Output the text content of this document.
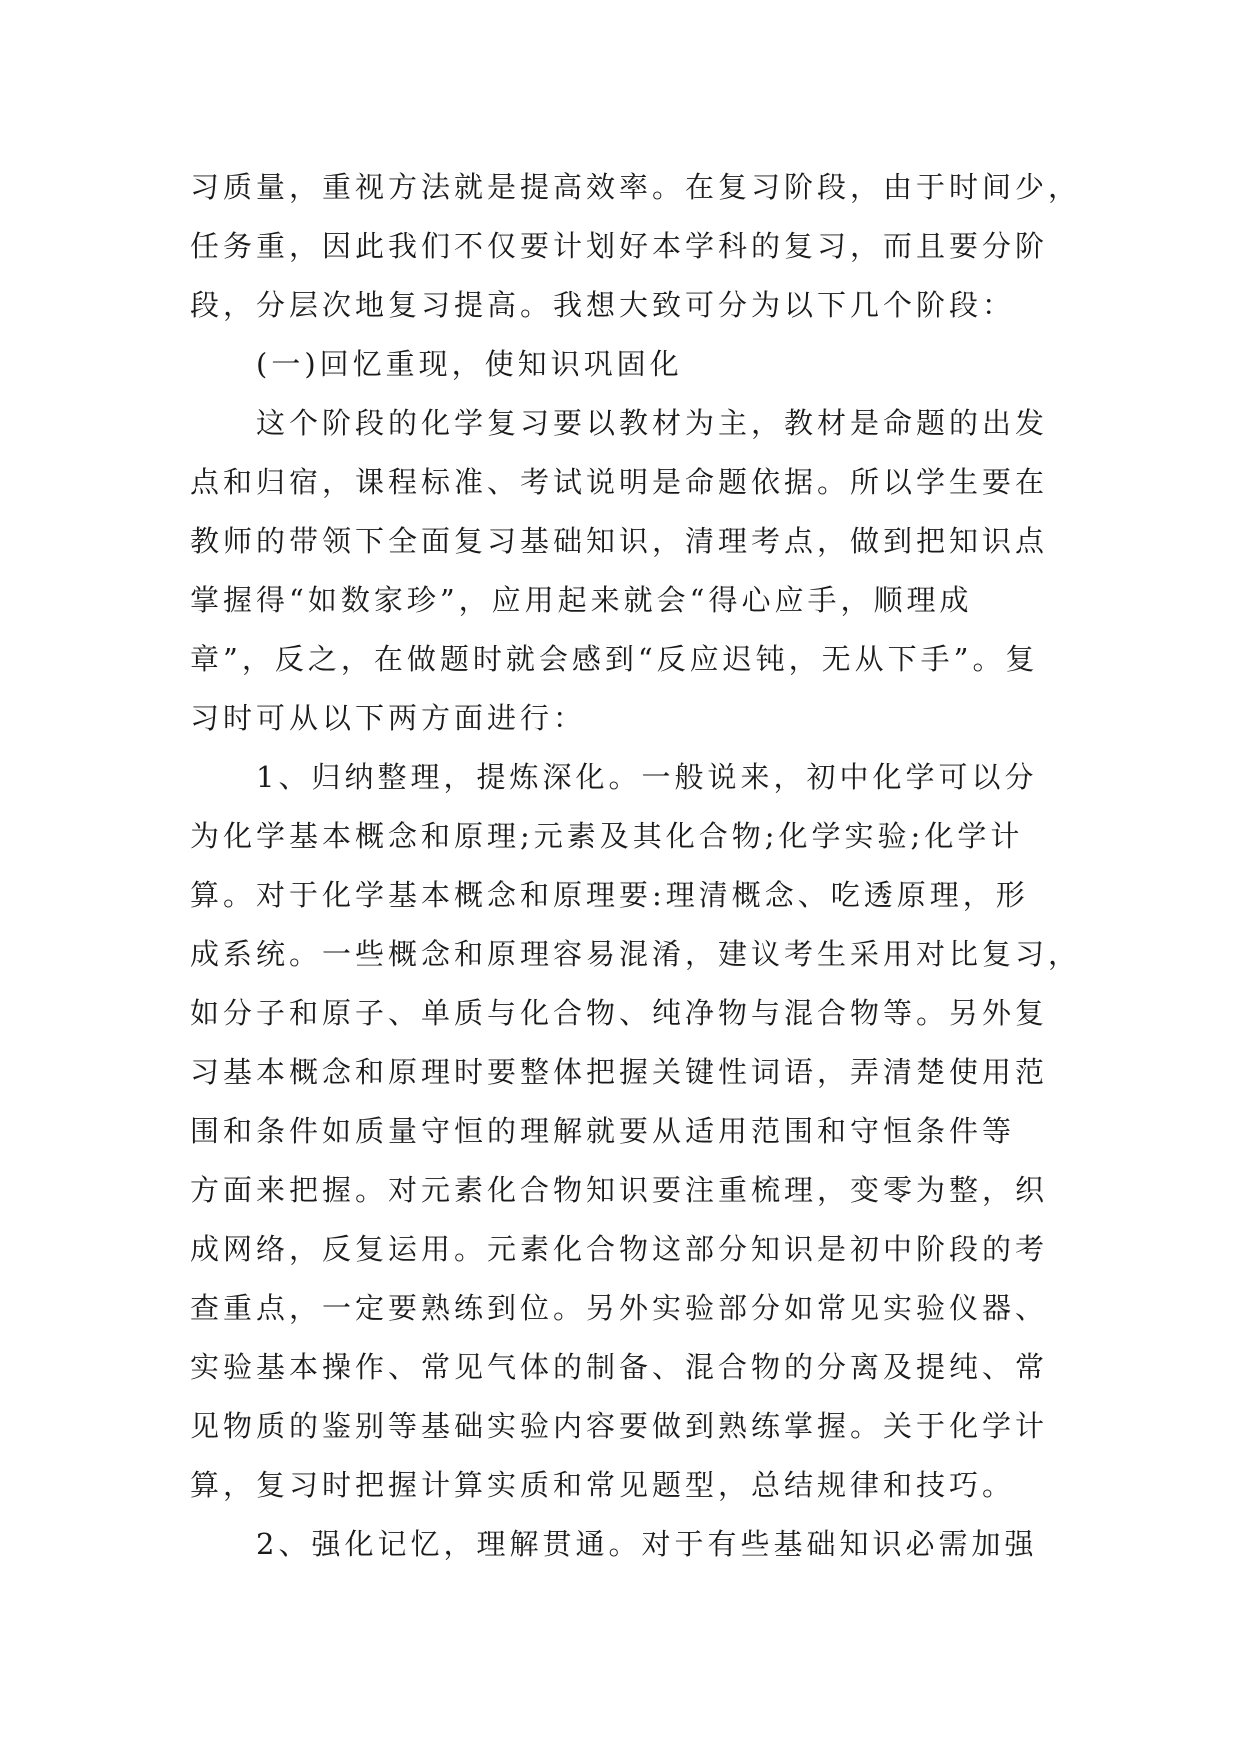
习质量，重视方法就是提高效率。在复习阶段，由于时间少，
任务重，因此我们不仅要计划好本学科的复习，而且要分阶
段，分层次地复习提高。我想大致可分为以下几个阶段：
(一)回忆重现，使知识巩固化
这个阶段的化学复习要以教材为主，教材是命题的出发
点和归宿，课程标准、考试说明是命题依据。所以学生要在
教师的带领下全面复习基础知识，清理考点，做到把知识点
掌握得“如数家珍”，应用起来就会“得心应手，顺理成
章”，反之，在做题时就会感到“反应迟钝，无从下手”。复
习时可从以下两方面进行：
1、归纳整理，提炼深化。一般说来，初中化学可以分
为化学基本概念和原理;元素及其化合物;化学实验;化学计
算。对于化学基本概念和原理要:理清概念、吃透原理，形
成系统。一些概念和原理容易混淆，建议考生采用对比复习，
如分子和原子、单质与化合物、纯净物与混合物等。另外复
习基本概念和原理时要整体把握关键性词语，弄清楚使用范
围和条件如质量守恒的理解就要从适用范围和守恒条件等
方面来把握。对元素化合物知识要注重梳理，变零为整，织
成网络，反复运用。元素化合物这部分知识是初中阶段的考
查重点，一定要熟练到位。另外实验部分如常见实验仪器、
实验基本操作、常见气体的制备、混合物的分离及提纯、常
见物质的鉴别等基础实验内容要做到熟练掌握。关于化学计
算，复习时把握计算实质和常见题型，总结规律和技巧。
2、强化记忆，理解贯通。对于有些基础知识必需加强
